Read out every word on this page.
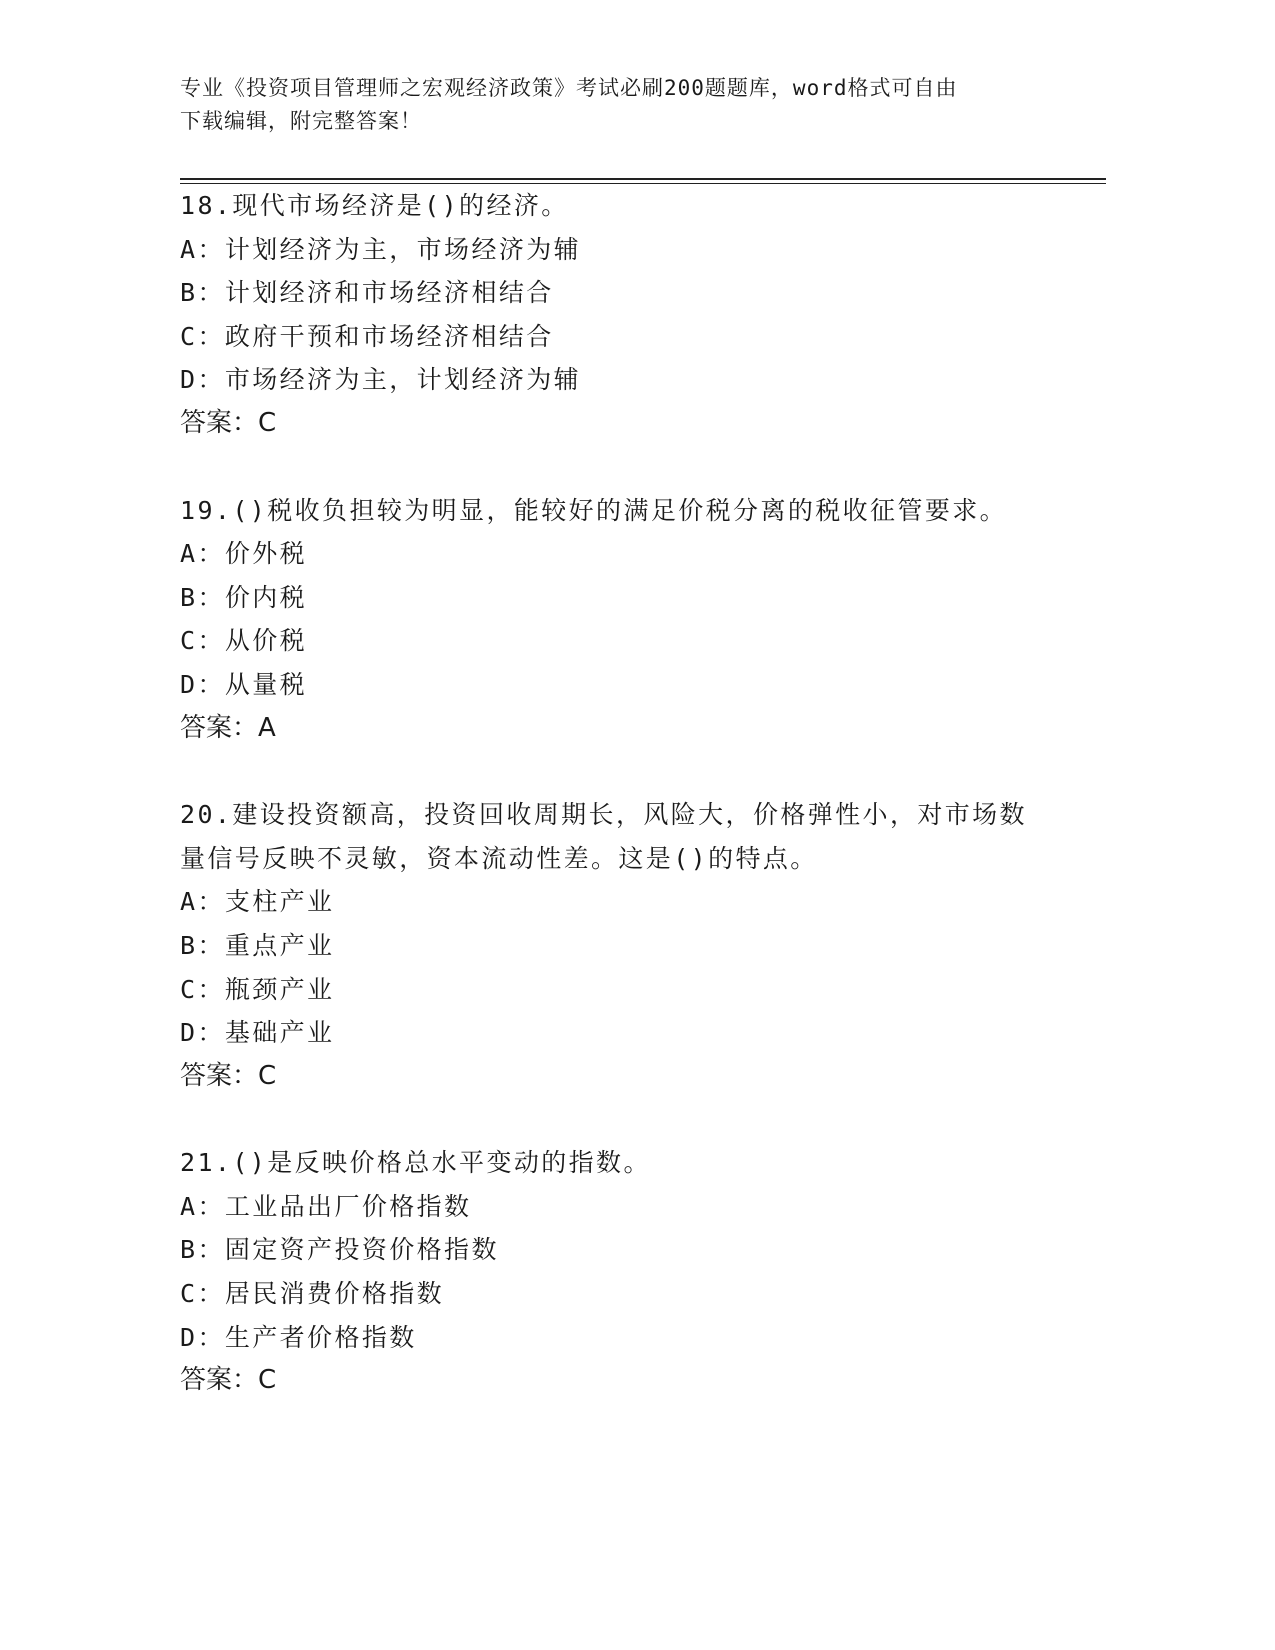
专业《投资项目管理师之宏观经济政策》考试必刷200题题库，word格式可自由
下载编辑，附完整答案！
18.现代市场经济是()的经济。
A：计划经济为主，市场经济为辅
B：计划经济和市场经济相结合
C：政府干预和市场经济相结合
D：市场经济为主，计划经济为辅
答案：C
19.()税收负担较为明显，能较好的满足价税分离的税收征管要求。
A：价外税
B：价内税
C：从价税
D：从量税
答案：A
20.建设投资额高，投资回收周期长，风险大，价格弹性小，对市场数
量信号反映不灵敏，资本流动性差。这是()的特点。
A：支柱产业
B：重点产业
C：瓶颈产业
D：基础产业
答案：C
21.()是反映价格总水平变动的指数。
A：工业品出厂价格指数
B：固定资产投资价格指数
C：居民消费价格指数
D：生产者价格指数
答案：C
